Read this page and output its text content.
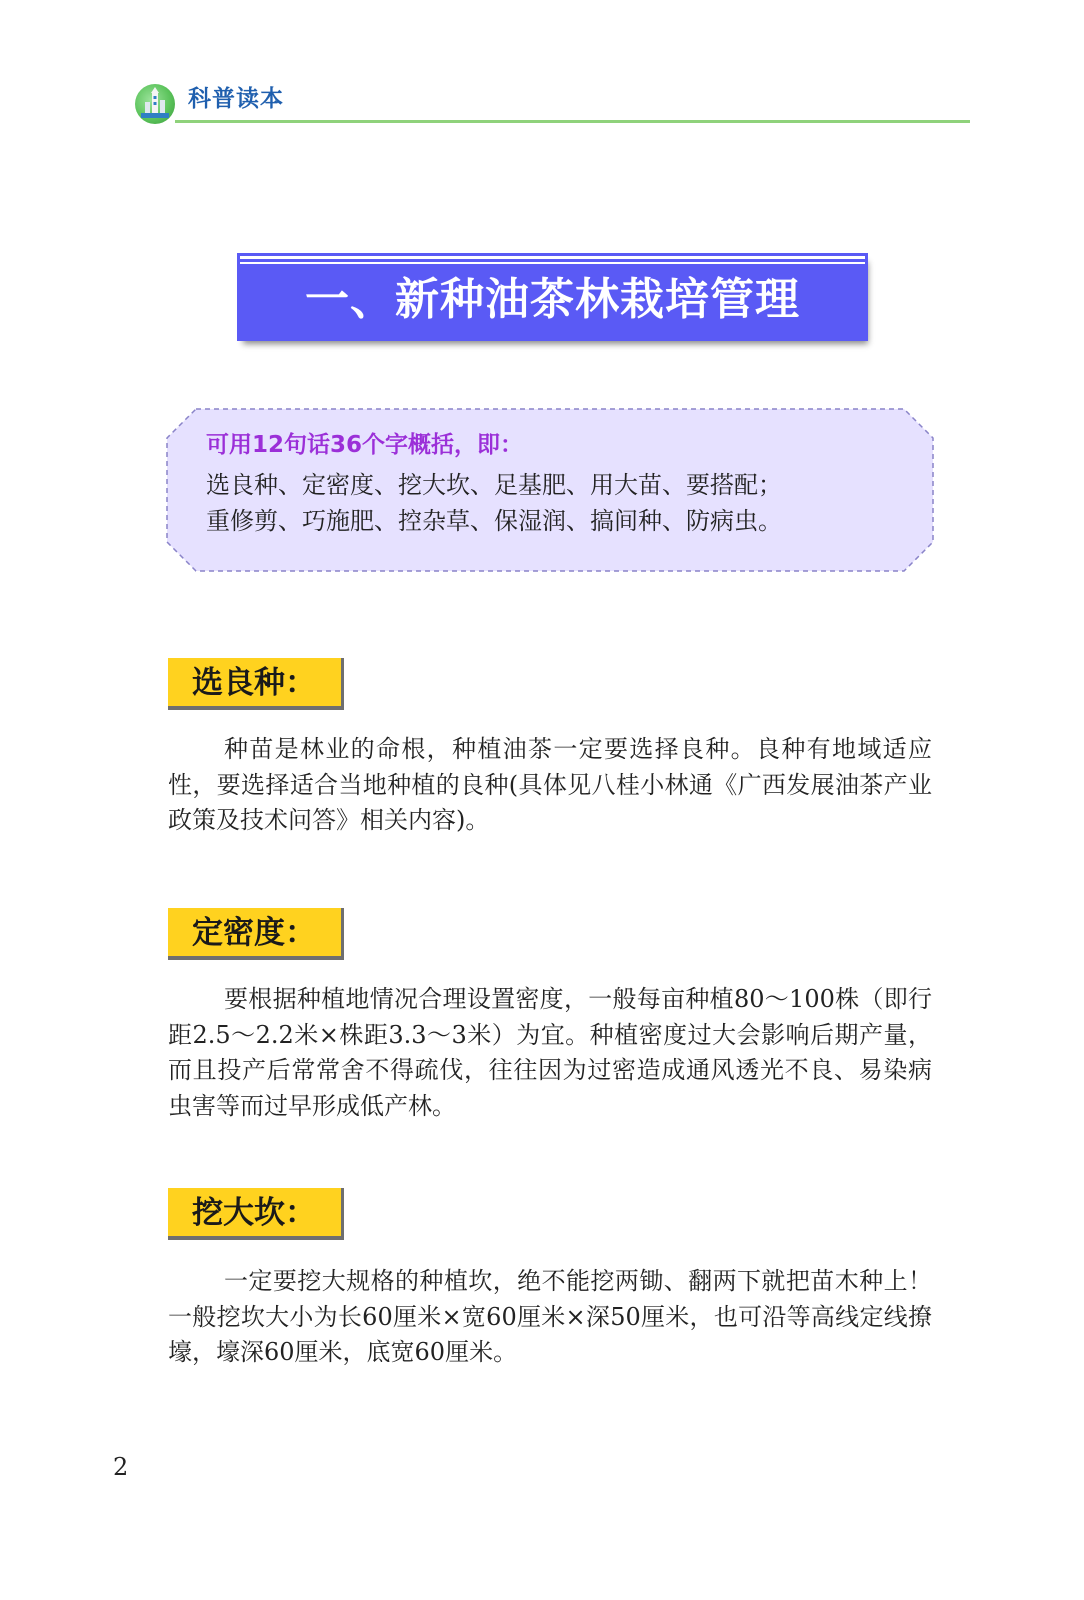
科普读本
一、新种油茶林栽培管理
可用12句话36个字概括，即：
选良种、定密度、挖大坎、足基肥、用大苗、要搭配；
重修剪、巧施肥、控杂草、保湿润、搞间种、防病虫。
选良种：

种苗是林业的命根，种植油茶一定要选择良种。良种有地域适应性，要选择适合当地种植的良种(具体见八桂小林通《广西发展油茶产业政策及技术问答》相关内容)。

定密度：

要根据种植地情况合理设置密度，一般每亩种植80～100株（即行距2.5～2.2米×株距3.3～3米）为宜。种植密度过大会影响后期产量，而且投产后常常舍不得疏伐，往往因为过密造成通风透光不良、易染病虫害等而过早形成低产林。

挖大坎：

一定要挖大规格的种植坎，绝不能挖两锄、翻两下就把苗木种上！一般挖坎大小为长60厘米×宽60厘米×深50厘米，也可沿等高线定线撩壕，壕深60厘米，底宽60厘米。

2
